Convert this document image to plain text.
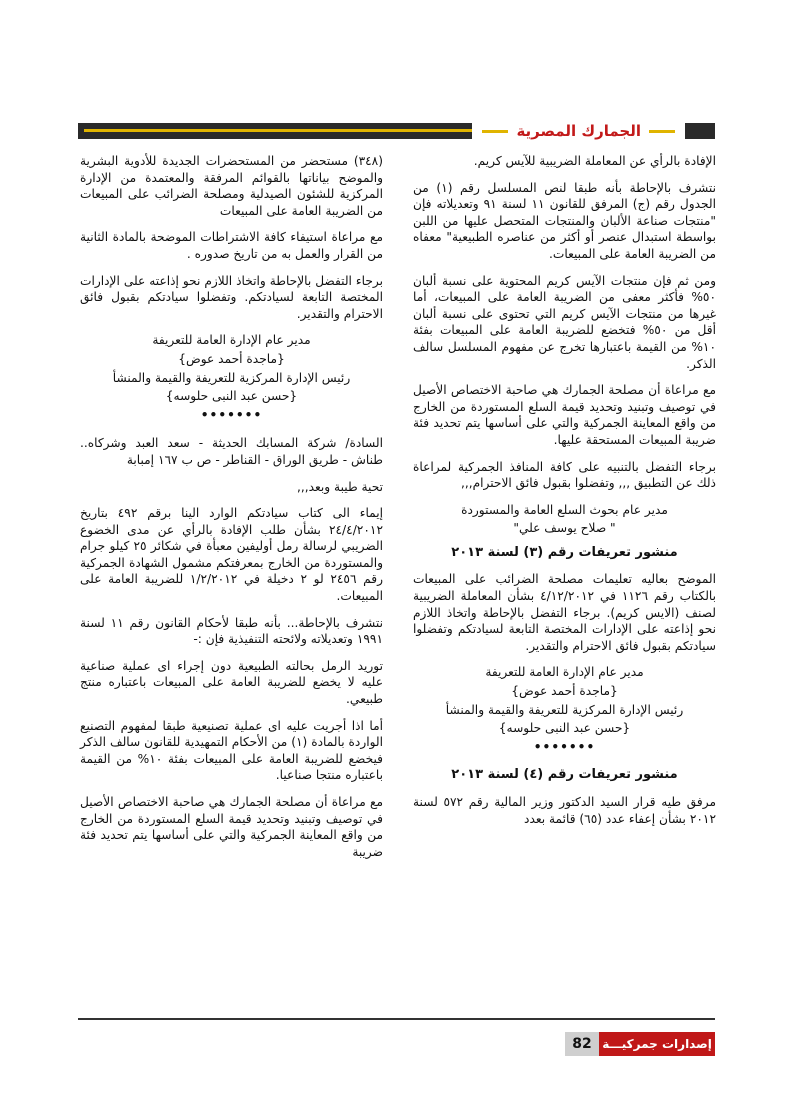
الجمارك المصرية

الإفادة بالرأي عن المعاملة الضريبية للآيس كريم.

نتشرف بالإحاطة بأنه طبقا لنص المسلسل رقم (١) من الجدول رقم (ج) المرفق للقانون ١١ لسنة ٩١ وتعديلاته فإن "منتجات صناعة الألبان والمنتجات المتحصل عليها من اللبن بواسطة استبدال عنصر أو أكثر من عناصره الطبيعية" معفاه من الضريبة العامة على المبيعات.

ومن ثم فإن منتجات الآيس كريم المحتوية على نسبة ألبان ٥٠% فأكثر معفى من الضريبة العامة على المبيعات، أما غيرها من منتجات الآيس كريم التي تحتوى على نسبة ألبان أقل من ٥٠% فتخضع للضريبة العامة على المبيعات بفئة ١٠% من القيمة باعتبارها تخرج عن مفهوم المسلسل سالف الذكر.

مع مراعاة أن مصلحة الجمارك هي صاحبة الاختصاص الأصيل في توصيف وتبنيد وتحديد قيمة السلع المستوردة من الخارج من واقع المعاينة الجمركية والتي على أساسها يتم تحديد فئة ضريبة المبيعات المستحقة عليها.

برجاء التفضل بالتنبيه على كافة المنافذ الجمركية لمراعاة ذلك عن التطبيق ,,, وتفضلوا بقبول فائق الاحترام,,,

مدير عام بحوث السلع العامة والمستوردة

" صلاح يوسف علي"

منشور تعريفات رقم (٣) لسنة ٢٠١٣

الموضح بعاليه تعليمات مصلحة الضرائب على المبيعات بالكتاب رقم ١١٢٦ في ٤/١٢/٢٠١٢ بشأن المعاملة الضريبية لصنف (الايس كريم). برجاء التفضل بالإحاطة واتخاذ اللازم نحو إذاعته على الإدارات المختصة التابعة لسيادتكم وتفضلوا سيادتكم بقبول فائق الاحترام والتقدير.

مدير عام الإدارة العامة للتعريفة

{ماجدة أحمد عوض}

رئيس الإدارة المركزية للتعريفة والقيمة والمنشأ

{حسن عبد النبى حلوسه}

•••••••

منشور تعريفات رقم (٤) لسنة ٢٠١٣

مرفق طيه قرار السيد الدكتور وزير المالية رقم ٥٧٢ لسنة ٢٠١٢ بشأن إعفاء عدد (٦٥) قائمة بعدد

(٣٤٨) مستحضر من المستحضرات الجديدة للأدوية البشرية والموضح بياناتها بالقوائم المرفقة والمعتمدة من الإدارة المركزية للشئون الصيدلية ومصلحة الضرائب على المبيعات من الضريبة العامة على المبيعات

مع مراعاة استيفاء كافة الاشتراطات الموضحة بالمادة الثانية من القرار والعمل به من تاريخ صدوره .

برجاء التفضل بالإحاطة واتخاذ اللازم نحو إذاعته على الإدارات المختصة التابعة لسيادتكم. وتفضلوا سيادتكم بقبول فائق الاحترام والتقدير.

مدير عام الإدارة العامة للتعريفة

{ماجدة أحمد عوض}

رئيس الإدارة المركزية للتعريفة والقيمة والمنشأ

{حسن عبد النبى حلوسه}

•••••••

السادة/ شركة المسابك الحديثة - سعد العبد وشركاه.. طناش - طريق الوراق - القناطر - ص ب ١٦٧ إمبابة

تحية طيبة وبعد,,,

إيماء الى كتاب سيادتكم الوارد الينا برقم ٤٩٢ بتاريخ ٢٤/٤/٢٠١٢ بشأن طلب الإفادة بالرأي عن مدى الخضوع الضريبي لرسالة رمل أوليفين معبأة في شكائر ٢٥ كيلو جرام والمستوردة من الخارج بمعرفتكم مشمول الشهادة الجمركية رقم ٢٤٥٦ لو ٢ دخيلة في ١/٢/٢٠١٢ للضريبة العامة على المبيعات.

نتشرف بالإحاطة... بأنه طبقا لأحكام القانون رقم ١١ لسنة ١٩٩١ وتعديلاته ولائحته التنفيذية فإن :-

توريد الرمل بحالته الطبيعية دون إجراء اى عملية صناعية عليه لا يخضع للضريبة العامة على المبيعات باعتباره منتج طبيعي.

أما اذا أجريت عليه اى عملية تصنيعية طبقا لمفهوم التصنيع الواردة بالمادة (١) من الأحكام التمهيدية للقانون سالف الذكر فيخضع للضريبة العامة على المبيعات بفئة ١٠% من القيمة باعتباره منتجا صناعيا.

مع مراعاة أن مصلحة الجمارك هي صاحبة الاختصاص الأصيل في توصيف وتبنيد وتحديد قيمة السلع المستوردة من الخارج من واقع المعاينة الجمركية والتي على أساسها يتم تحديد فئة ضريبة

82 إصدارات جمركيـــة
